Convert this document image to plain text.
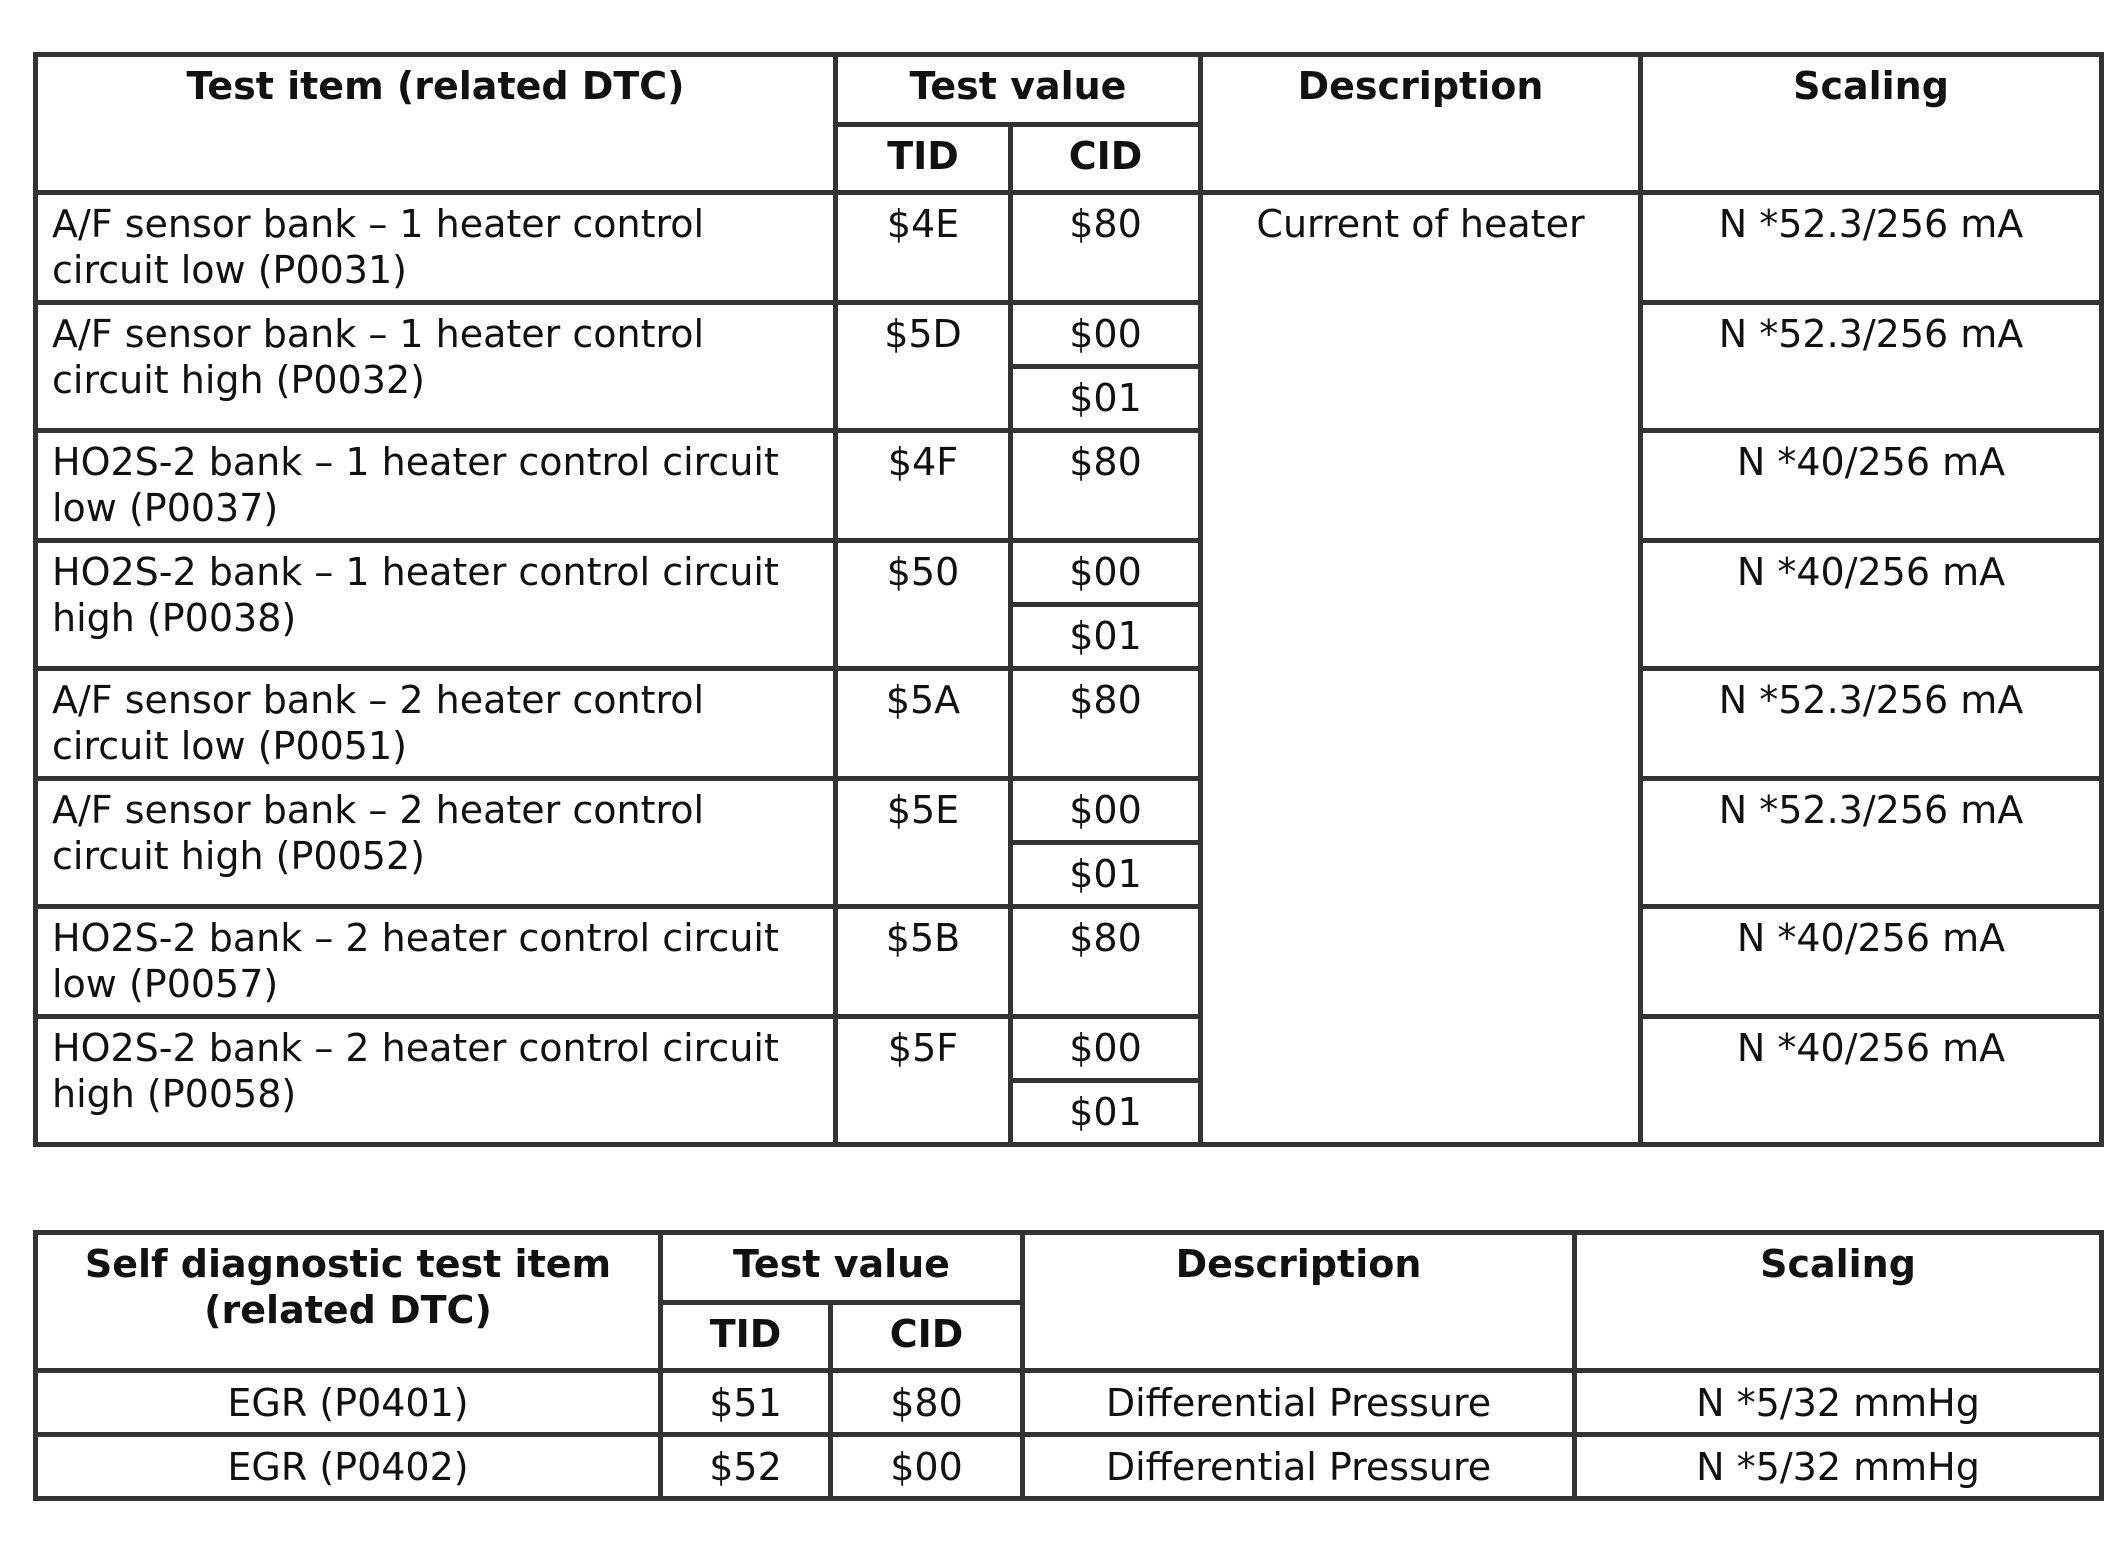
Test item (related DTC)	Test value		Description	Scaling
	TID	CID		
A/F sensor bank – 1 heater control circuit low (P0031)	$4E	$80	Current of heater	N *52.3/256 mA
A/F sensor bank – 1 heater control circuit high (P0032)	$5D	$00		N *52.3/256 mA
		$01		
HO2S-2 bank – 1 heater control circuit low (P0037)	$4F	$80		N *40/256 mA
HO2S-2 bank – 1 heater control circuit high (P0038)	$50	$00		N *40/256 mA
		$01		
A/F sensor bank – 2 heater control circuit low (P0051)	$5A	$80		N *52.3/256 mA
A/F sensor bank – 2 heater control circuit high (P0052)	$5E	$00		N *52.3/256 mA
		$01		
HO2S-2 bank – 2 heater control circuit low (P0057)	$5B	$80		N *40/256 mA
HO2S-2 bank – 2 heater control circuit high (P0058)	$5F	$00		N *40/256 mA
		$01		
Self diagnostic test item (related DTC)	Test value		Description	Scaling
	TID	CID		
EGR (P0401)	$51	$80	Differential Pressure	N *5/32 mmHg
EGR (P0402)	$52	$00	Differential Pressure	N *5/32 mmHg
